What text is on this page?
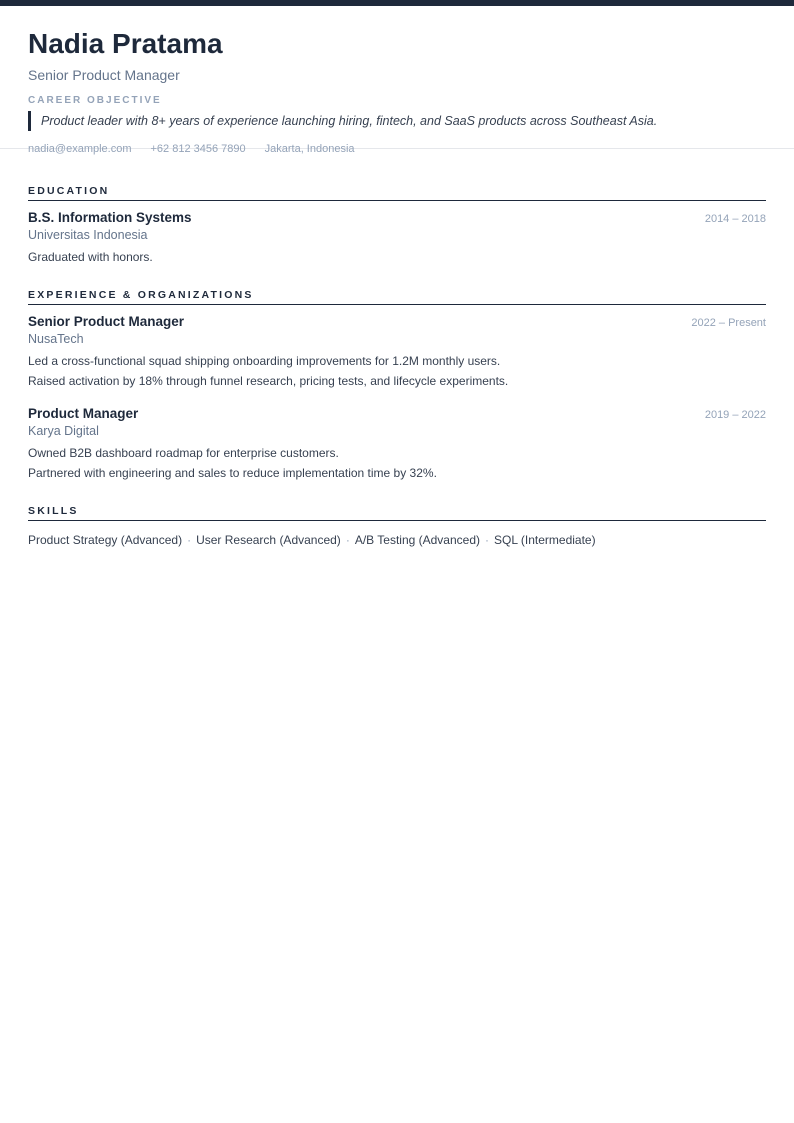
Nadia Pratama
Senior Product Manager
CAREER OBJECTIVE
Product leader with 8+ years of experience launching hiring, fintech, and SaaS products across Southeast Asia.
nadia@example.com +62 812 3456 7890 Jakarta, Indonesia
EDUCATION
B.S. Information Systems	2014 – 2018
Universitas Indonesia
Graduated with honors.
EXPERIENCE & ORGANIZATIONS
Senior Product Manager	2022 – Present
NusaTech
Led a cross-functional squad shipping onboarding improvements for 1.2M monthly users.
Raised activation by 18% through funnel research, pricing tests, and lifecycle experiments.
Product Manager	2019 – 2022
Karya Digital
Owned B2B dashboard roadmap for enterprise customers.
Partnered with engineering and sales to reduce implementation time by 32%.
SKILLS
Product Strategy (Advanced) · User Research (Advanced) · A/B Testing (Advanced) · SQL (Intermediate)
